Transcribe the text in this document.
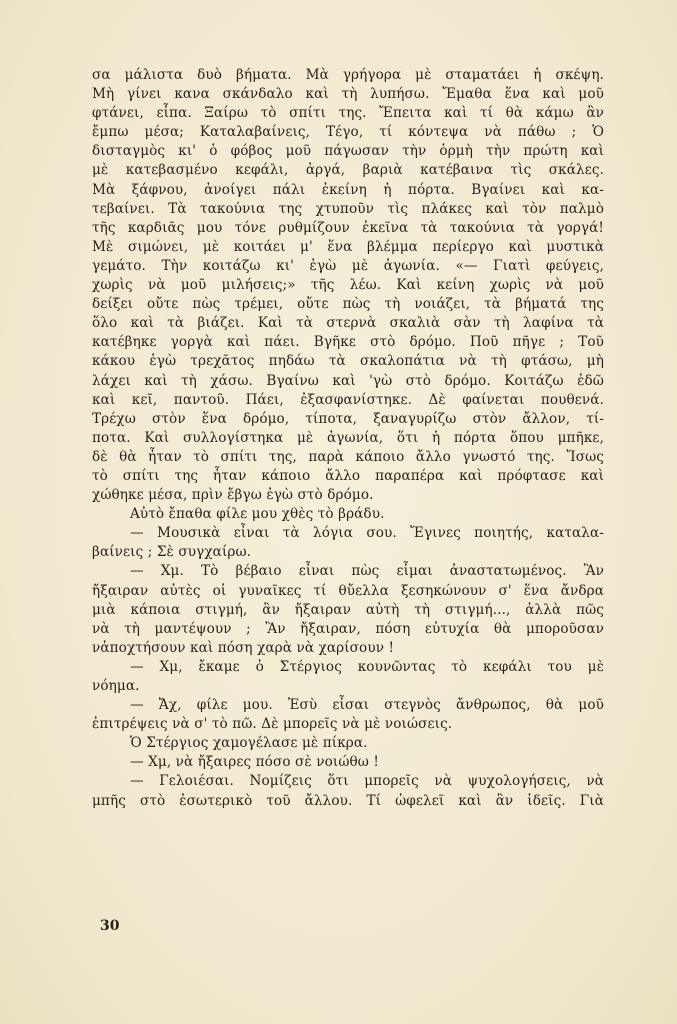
σα μάλιστα δυὸ βήματα. Μὰ γρήγορα μὲ σταματάει ἡ σκέψη.
Μὴ γίνει κανα σκάνδαλο καὶ τὴ λυπήσω. Ἔμαθα ἕνα καὶ μοῦ
φτάνει, εἶπα. Ξαίρω τὸ σπίτι της. Ἔπειτα καὶ τί θὰ κάμω ἂν
ἔμπω μέσα; Καταλαβαίνεις, Τέγο, τί κόντεψα νὰ πάθω ; Ὁ
δισταγμὸς κι' ὁ φόβος μοῦ πάγωσαν τὴν ὁρμὴ τὴν πρώτη καὶ
μὲ κατεβασμένο κεφάλι, ἀργά, βαριὰ κατέβαινα τὶς σκάλες.
Μὰ ξάφνου, ἀνοίγει πάλι ἐκείνη ἡ πόρτα. Βγαίνει καὶ κα-
τεβαίνει. Τὰ τακούνια της χτυποῦν τὶς πλάκες καὶ τὸν παλμὸ
τῆς καρδιᾶς μου τόνε ρυθμίζουν ἐκεῖνα τὰ τακούνια τὰ γοργά!
Μὲ σιμώνει, μὲ κοιτάει μ' ἕνα βλέμμα περίεργο καὶ μυστικὰ
γεμάτο. Τὴν κοιτάζω κι' ἐγὼ μὲ ἀγωνία. «— Γιατὶ φεύγεις,
χωρὶς νὰ μοῦ μιλήσεις;» τῆς λέω. Καὶ κείνη χωρὶς νὰ μοῦ
δείξει οὔτε πὼς τρέμει, οὔτε πὼς τὴ νοιάζει, τὰ βήματά της
ὅλο καὶ τὰ βιάζει. Καὶ τὰ στερνὰ σκαλιὰ σὰν τὴ λαφίνα τὰ
κατέβηκε γοργὰ καὶ πάει. Βγῆκε στὸ δρόμο. Ποῦ πῆγε ; Τοῦ
κάκου ἐγὼ τρεχᾶτος πηδάω τὰ σκαλοπάτια νὰ τὴ φτάσω, μὴ
λάχει καὶ τὴ χάσω. Βγαίνω καὶ 'γὼ στὸ δρόμο. Κοιτάζω ἐδῶ
καὶ κεῖ, παντοῦ. Πάει, ἐξασφανίστηκε. Δὲ φαίνεται πουθενά.
Τρέχω στὸν ἕνα δρόμο, τίποτα, ξαναγυρίζω στὸν ἄλλον, τί-
ποτα. Καὶ συλλογίστηκα μὲ ἀγωνία, ὅτι ἡ πόρτα ὅπου μπῆκε,
δὲ θὰ ἦταν τὸ σπίτι της, παρὰ κάποιο ἄλλο γνωστό της. Ἴσως
τὸ σπίτι της ἦταν κάποιο ἄλλο παραπέρα καὶ πρόφτασε καὶ
χώθηκε μέσα, πρὶν ἔβγω ἐγὼ στὸ δρόμο.
Αὐτὸ ἔπαθα φίλε μου χθὲς τὸ βράδυ.
— Μουσικὰ εἶναι τὰ λόγια σου. Ἔγινες ποιητής, καταλα-
βαίνεις ; Σὲ συγχαίρω.
— Χμ. Τὸ βέβαιο εἶναι πὼς εἶμαι ἀναστατωμένος. Ἂν
ἤξαιραν αὐτὲς οἱ γυναῖκες τί θὔελλα ξεσηκώνουν σ' ἕνα ἄνδρα
μιὰ κάποια στιγμή, ἂν ἤξαιραν αὐτὴ τὴ στιγμή..., ἀλλὰ πῶς
νὰ τὴ μαντέψουν ; Ἂν ἤξαιραν, πόση εὐτυχία θὰ μποροῦσαν
νἀποχτήσουν καὶ πόση χαρὰ νὰ χαρίσουν !
— Χμ, ἔκαμε ὁ Στέργιος κουνῶντας τὸ κεφάλι του μὲ
νόημα.
— Ἄχ, φίλε μου. Ἐσὺ εἶσαι στεγνὸς ἄνθρωπος, θὰ μοῦ
ἐπιτρέψεις νὰ σ' τὸ πῶ. Δὲ μπορεῖς νὰ μὲ νοιώσεις.
Ὁ Στέργιος χαμογέλασε μὲ πίκρα.
— Χμ, νὰ ἤξαιρες πόσο σὲ νοιώθω !
— Γελοιέσαι. Νομίζεις ὅτι μπορεῖς νὰ ψυχολογήσεις, νὰ
μπῆς στὸ ἐσωτερικὸ τοῦ ἄλλου. Τί ὠφελεῖ καὶ ἂν ἰδεῖς. Γιὰ
30
